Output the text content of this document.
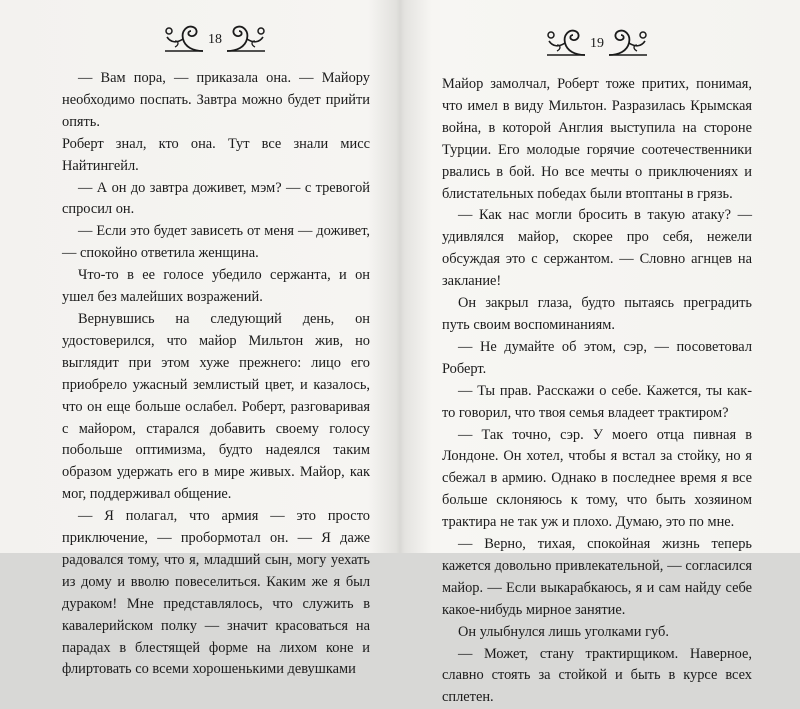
18

— Вам пора, — приказала она. — Майору необходимо поспать. Завтра можно будет прийти опять.

Роберт знал, кто она. Тут все знали мисс Найтингейл.

— А он до завтра доживет, мэм? — с тревогой спросил он.

— Если это будет зависеть от меня — доживет, — спокойно ответила женщина.

Что-то в ее голосе убедило сержанта, и он ушел без малейших возражений.

Вернувшись на следующий день, он удостоверился, что майор Мильтон жив, но выглядит при этом хуже прежнего: лицо его приобрело ужасный землистый цвет, и казалось, что он еще больше ослабел. Роберт, разговаривая с майором, старался добавить своему голосу побольше оптимизма, будто надеялся таким образом удержать его в мире живых. Майор, как мог, поддерживал общение.

— Я полагал, что армия — это просто приключение, — пробормотал он. — Я даже радовался тому, что я, младший сын, могу уехать из дому и вволю повеселиться. Каким же я был дураком! Мне представлялось, что служить в кавалерийском полку — значит красоваться на парадах в блестящей форме на лихом коне и флиртовать со всеми хорошенькими девушками

19

Майор замолчал, Роберт тоже притих, понимая, что имел в виду Мильтон. Разразилась Крымская война, в которой Англия выступила на стороне Турции. Его молодые горячие соотечественники рвались в бой. Но все мечты о приключениях и блистательных победах были втоптаны в грязь.

— Как нас могли бросить в такую атаку? — удивлялся майор, скорее про себя, нежели обсуждая это с сержантом. — Словно агнцев на заклание!

Он закрыл глаза, будто пытаясь преградить путь своим воспоминаниям.

— Не думайте об этом, сэр, — посоветовал Роберт.

— Ты прав. Расскажи о себе. Кажется, ты как-то говорил, что твоя семья владеет трактиром?

— Так точно, сэр. У моего отца пивная в Лондоне. Он хотел, чтобы я встал за стойку, но я сбежал в армию. Однако в последнее время я все больше склоняюсь к тому, что быть хозяином трактира не так уж и плохо. Думаю, это по мне.

— Верно, тихая, спокойная жизнь теперь кажется довольно привлекательной, — согласился майор. — Если выкарабкаюсь, я и сам найду себе какое-нибудь мирное занятие.

Он улыбнулся лишь уголками губ.

— Может, стану трактирщиком. Наверное, славно стоять за стойкой и быть в курсе всех сплетен.
